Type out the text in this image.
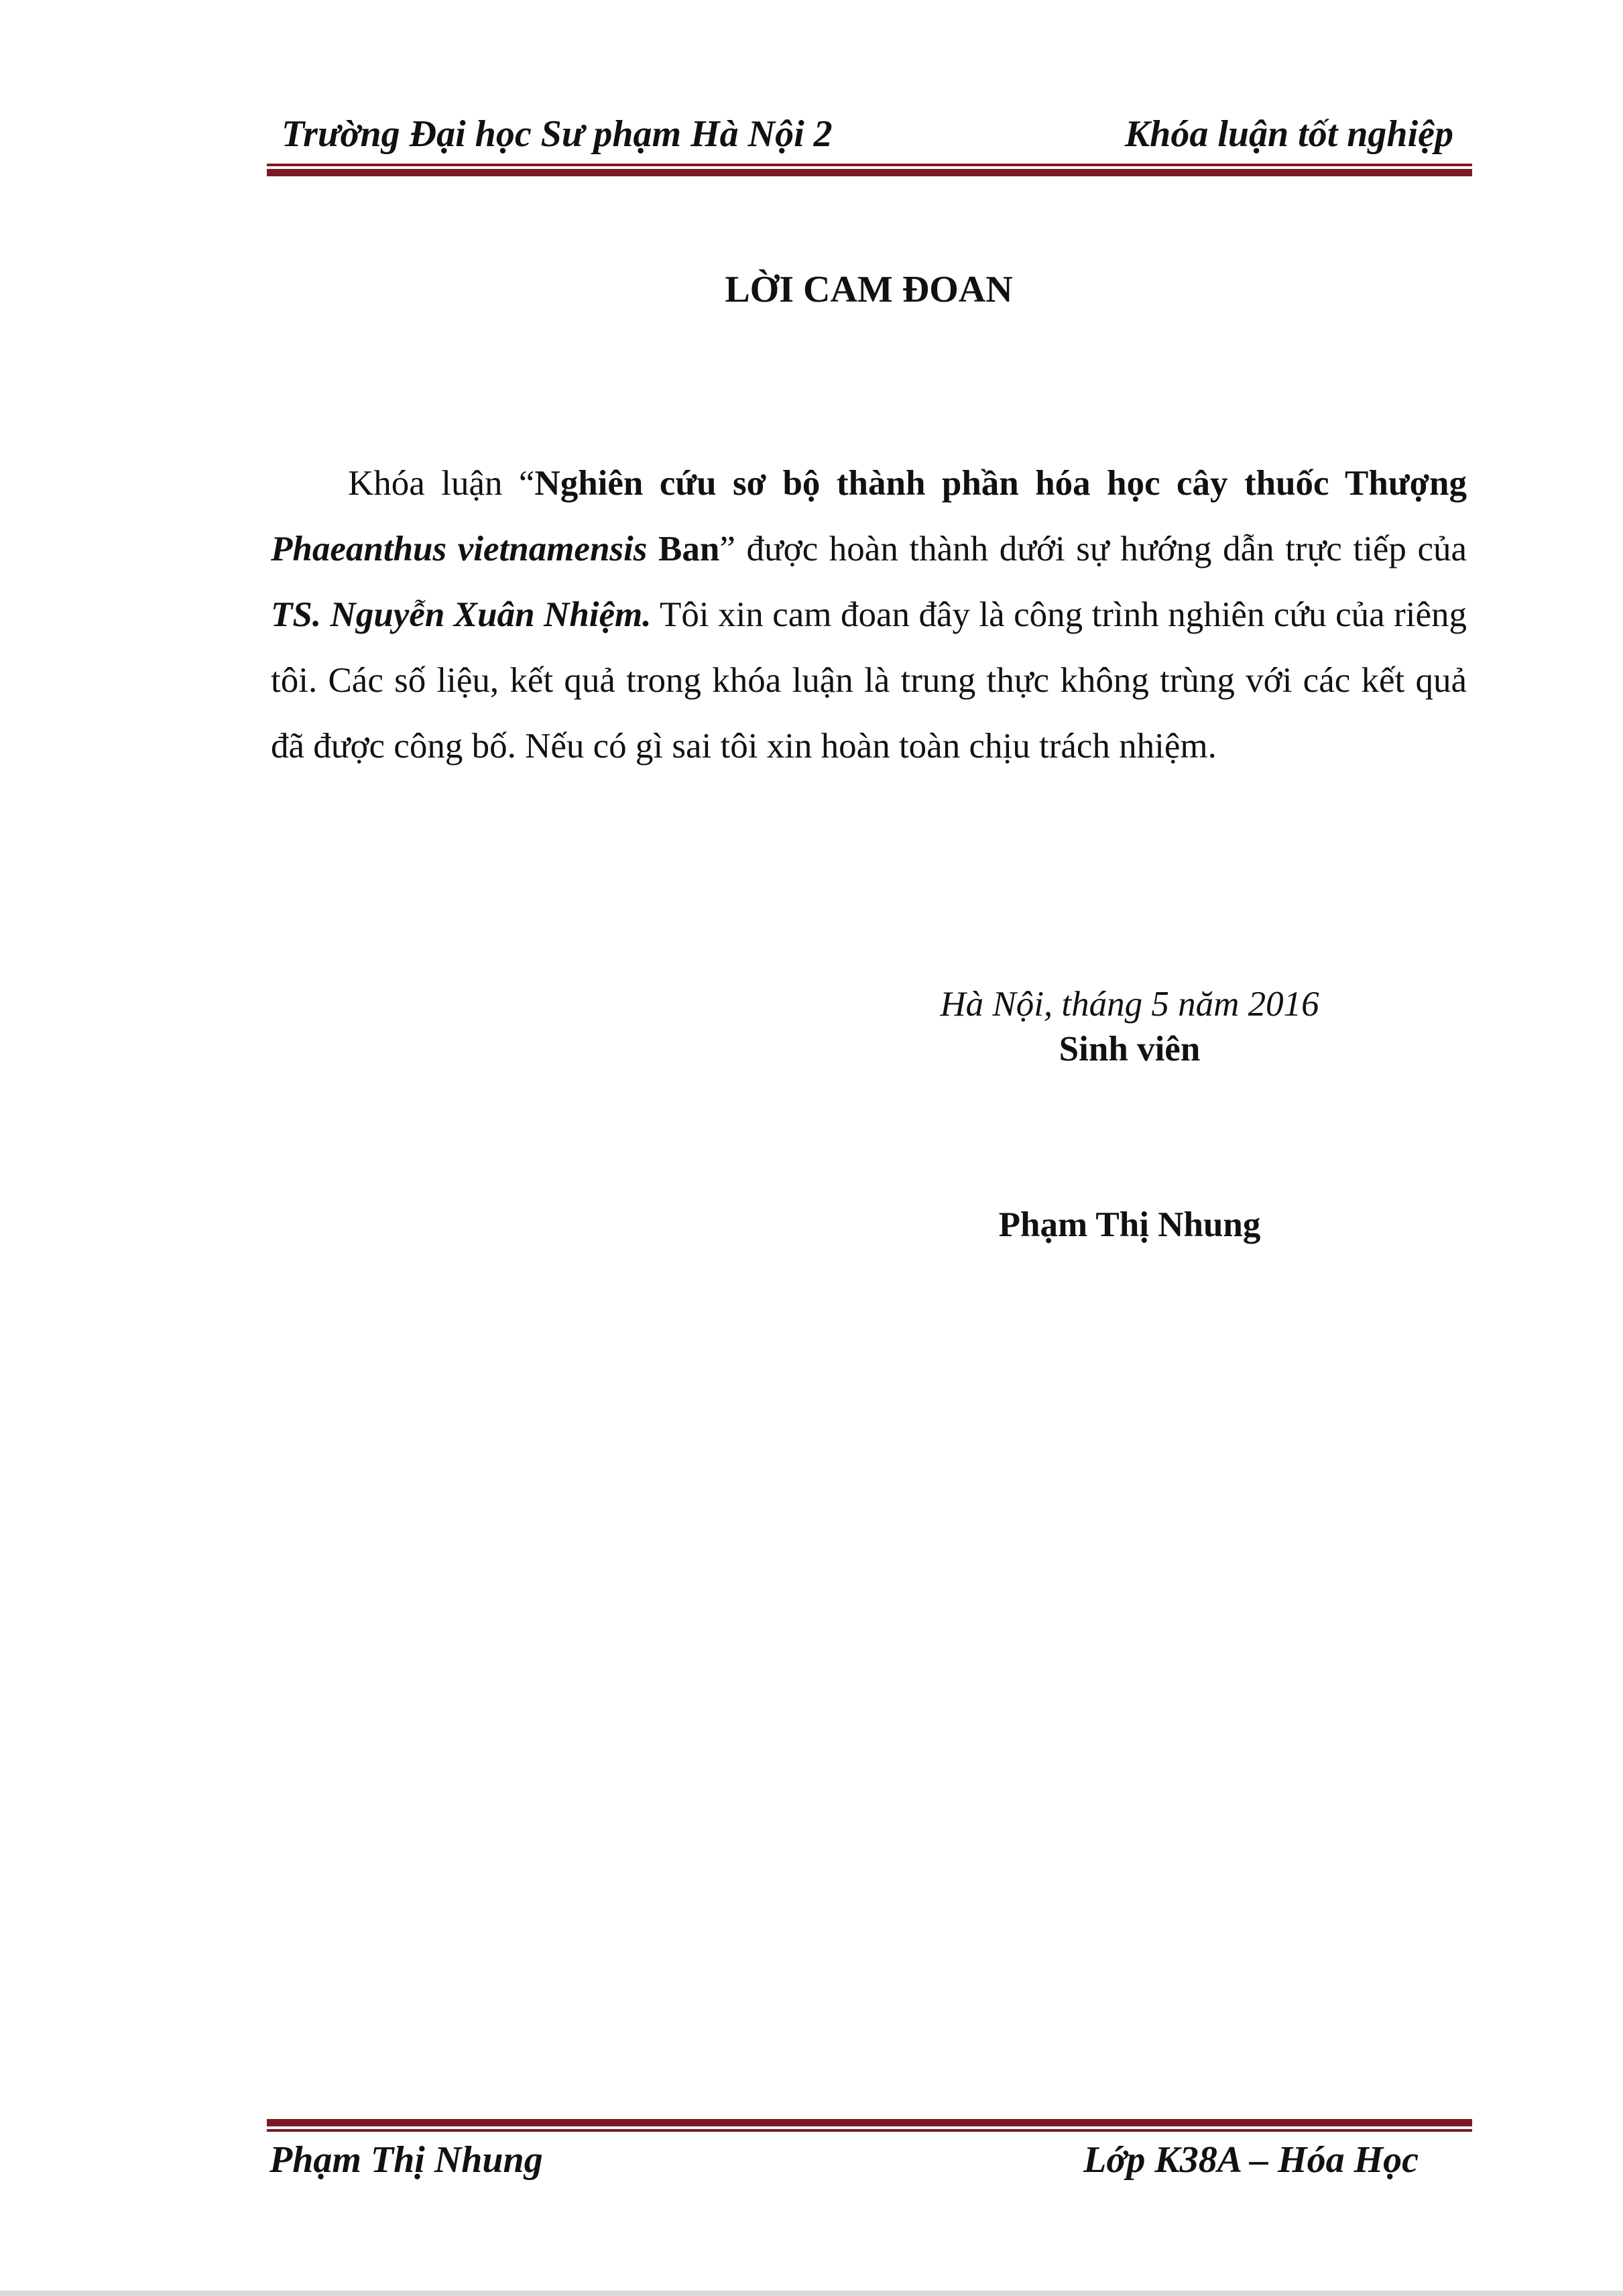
Trường Đại học Sư phạm Hà Nội 2	Khóa luận tốt nghiệp
LỜI CAM ĐOAN
Khóa luận “Nghiên cứu sơ bộ thành phần hóa học cây thuốc Thượng Phaeanthus vietnamensis Ban” được hoàn thành dưới sự hướng dẫn trực tiếp của TS. Nguyễn Xuân Nhiệm. Tôi xin cam đoan đây là công trình nghiên cứu của riêng tôi. Các số liệu, kết quả trong khóa luận là trung thực không trùng với các kết quả đã được công bố. Nếu có gì sai tôi xin hoàn toàn chịu trách nhiệm.
Hà Nội, tháng 5 năm 2016
Sinh viên
Phạm Thị Nhung
Phạm Thị Nhung	Lớp K38A – Hóa Học
